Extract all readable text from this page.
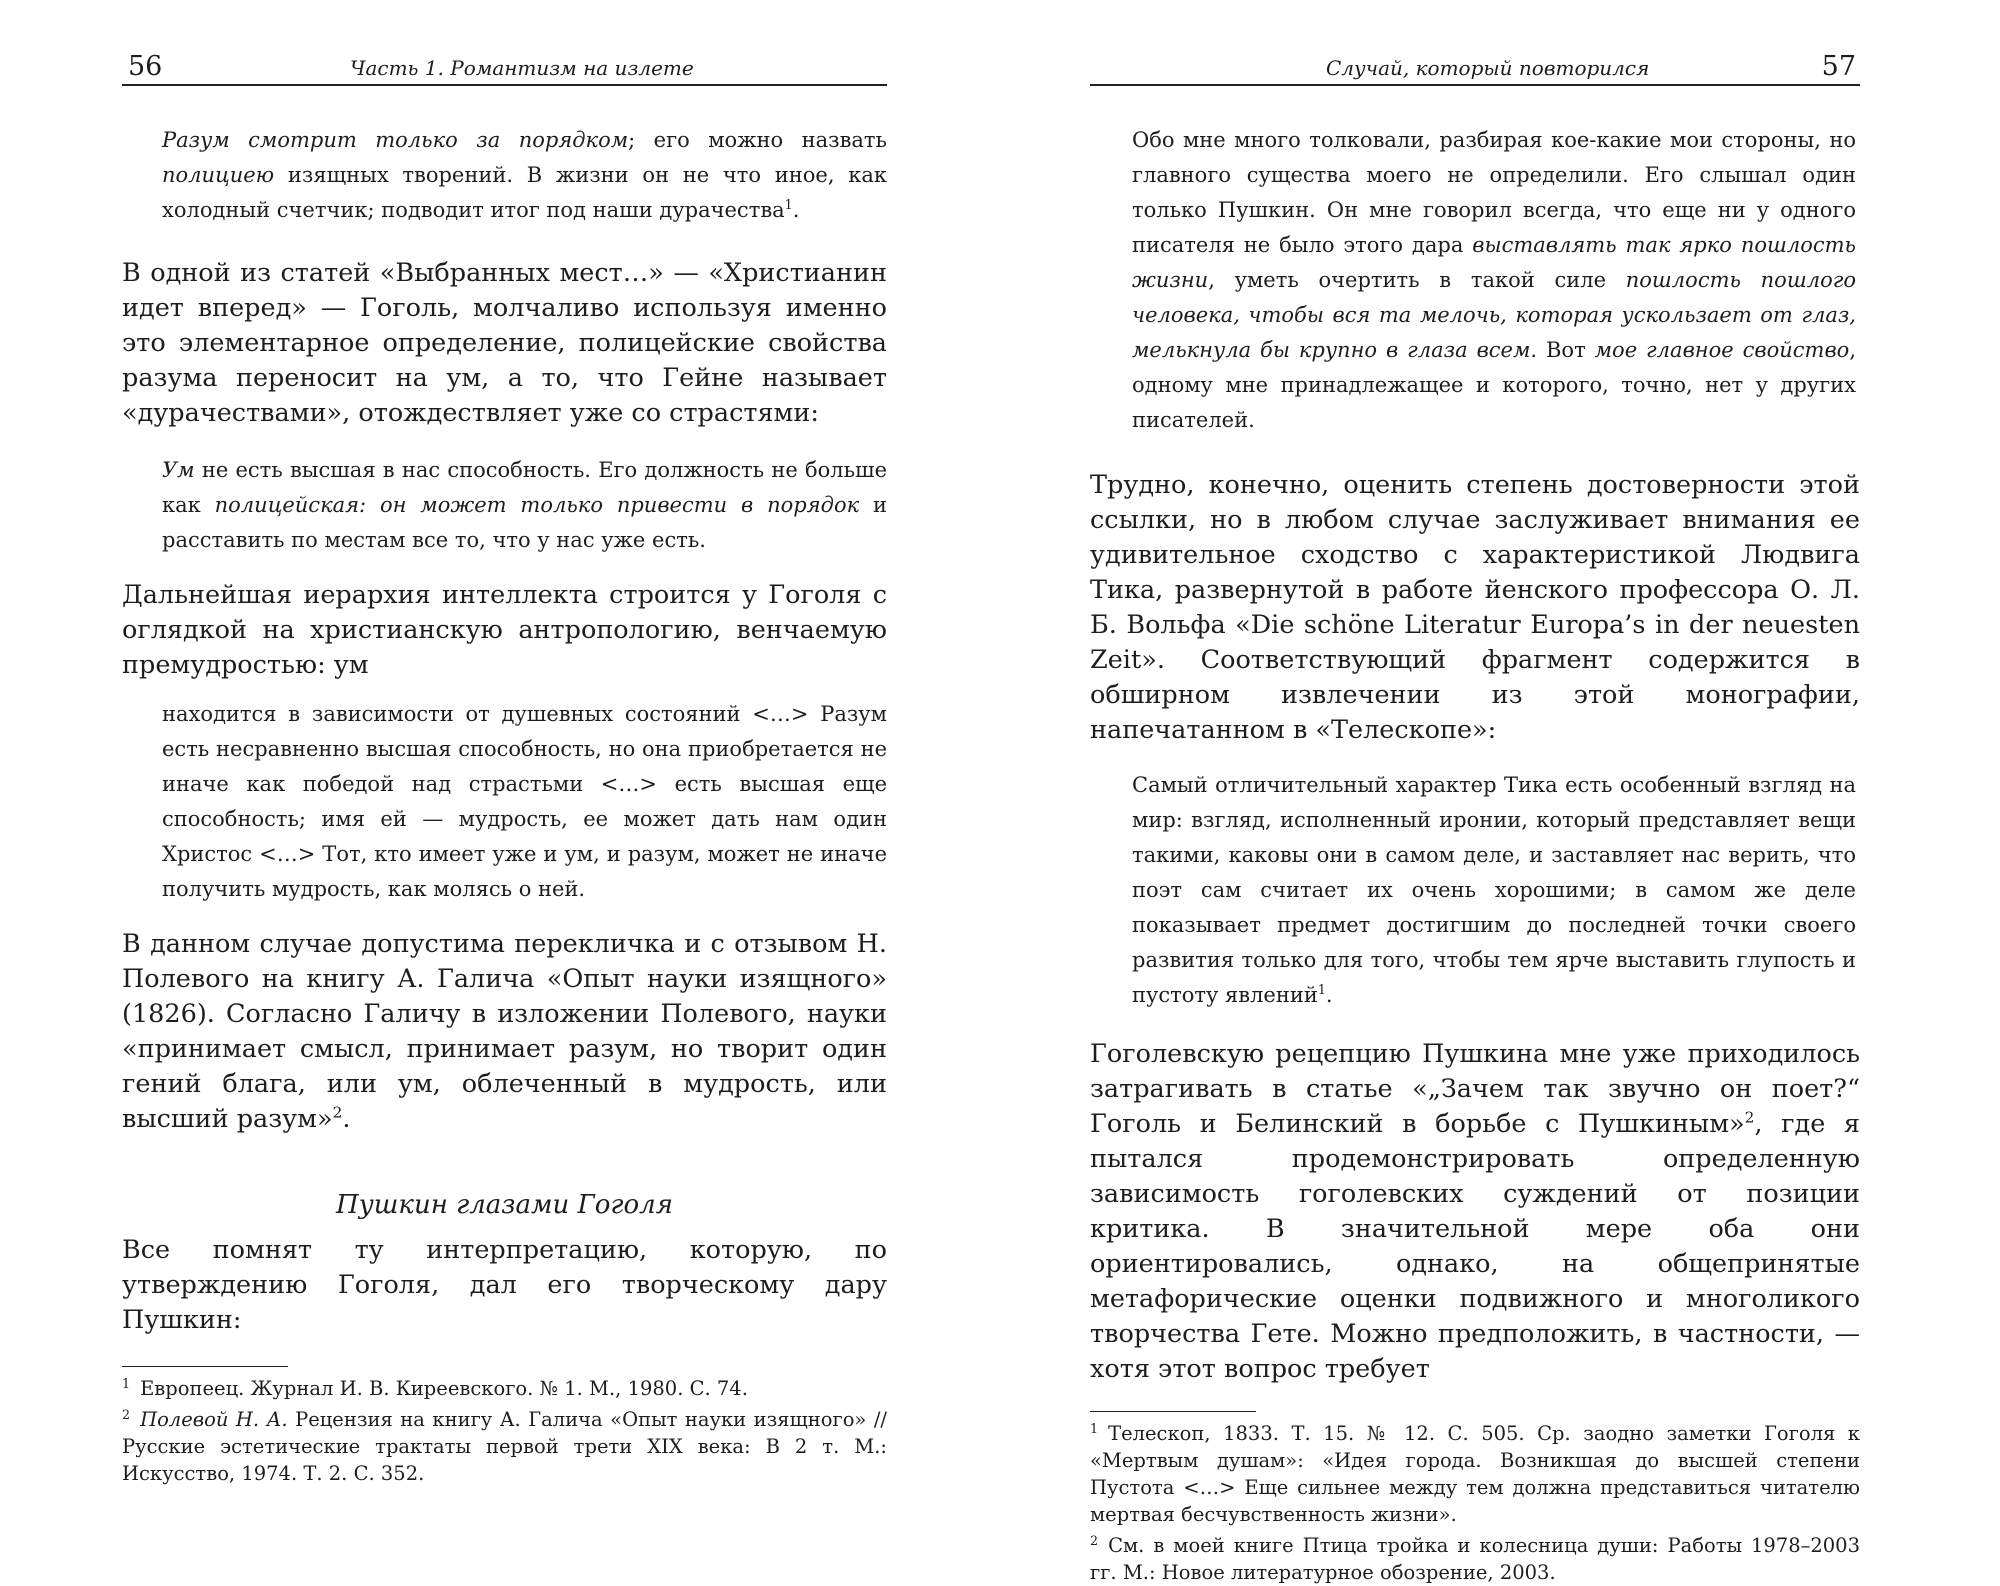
56	Часть 1. Романтизм на излете

Разум смотрит только за порядком; его можно назвать полициею изящных творений. В жизни он не что иное, как холодный счетчик; подводит итог под наши дурачества$^1$.

В одной из статей «Выбранных мест…» — «Христианин идет вперед» — Гоголь, молчаливо используя именно это элементарное определение, полицейские свойства разума переносит на ум, а то, что Гейне называет «дурачествами», отождествляет уже со страстями:

Ум не есть высшая в нас способность. Его должность не больше как полицейская: он может только привести в порядок и расставить по местам все то, что у нас уже есть.

Дальнейшая иерархия интеллекта строится у Гоголя с оглядкой на христианскую антропологию, венчаемую премудростью: ум

находится в зависимости от душевных состояний <…> Разум есть несравненно высшая способность, но она приобретается не иначе как победой над страстьми <…> есть высшая еще способность; имя ей — мудрость, ее может дать нам один Христос <…> Тот, кто имеет уже и ум, и разум, может не иначе получить мудрость, как молясь о ней.

В данном случае допустима перекличка и с отзывом Н. Полевого на книгу А. Галича «Опыт науки изящного» (1826). Согласно Галичу в изложении Полевого, науки «принимает смысл, принимает разум, но творит один гений блага, или ум, облеченный в мудрость, или высший разум»$^2$.

Пушкин глазами Гоголя

Все помнят ту интерпретацию, которую, по утверждению Гоголя, дал его творческому дару Пушкин:

$^1$ Европеец. Журнал И. В. Киреевского. № 1. М., 1980. С. 74.

$^2$ Полевой Н. А. Рецензия на книгу А. Галича «Опыт науки изящного» // Русские эстетические трактаты первой трети XIX века: В 2 т. М.: Искусство, 1974. Т. 2. С. 352.

Случай, который повторился	57

Обо мне много толковали, разбирая кое-какие мои стороны, но главного существа моего не определили. Его слышал один только Пушкин. Он мне говорил всегда, что еще ни у одного писателя не было этого дара выставлять так ярко пошлость жизни, уметь очертить в такой силе пошлость пошлого человека, чтобы вся та мелочь, которая ускользает от глаз, мелькнула бы крупно в глаза всем. Вот мое главное свойство, одному мне принадлежащее и которого, точно, нет у других писателей.

Трудно, конечно, оценить степень достоверности этой ссылки, но в любом случае заслуживает внимания ее удивительное сходство с характеристикой Людвига Тика, развернутой в работе йенского профессора О. Л. Б. Вольфа «Die schöne Literatur Europa’s in der neuesten Zeit». Соответствующий фрагмент содержится в обширном извлечении из этой монографии, напечатанном в «Телескопе»:

Самый отличительный характер Тика есть особенный взгляд на мир: взгляд, исполненный иронии, который представляет вещи такими, каковы они в самом деле, и заставляет нас верить, что поэт сам считает их очень хорошими; в самом же деле показывает предмет достигшим до последней точки своего развития только для того, чтобы тем ярче выставить глупость и пустоту явлений$^1$.

Гоголевскую рецепцию Пушкина мне уже приходилось затрагивать в статье «„Зачем так звучно он поет?“ Гоголь и Белинский в борьбе с Пушкиным»$^2$, где я пытался продемонстрировать определенную зависимость гоголевских суждений от позиции критика. В значительной мере оба они ориентировались, однако, на общепринятые метафорические оценки подвижного и многоликого творчества Гете. Можно предположить, в частности, — хотя этот вопрос требует

$^1$ Телескоп, 1833. Т. 15. № 12. С. 505. Ср. заодно заметки Гоголя к «Мертвым душам»: «Идея города. Возникшая до высшей степени Пустота <…> Еще сильнее между тем должна представиться читателю мертвая бесчувственность жизни».

$^2$ См. в моей книге Птица тройка и колесница души: Работы 1978–2003 гг. М.: Новое литературное обозрение, 2003.
